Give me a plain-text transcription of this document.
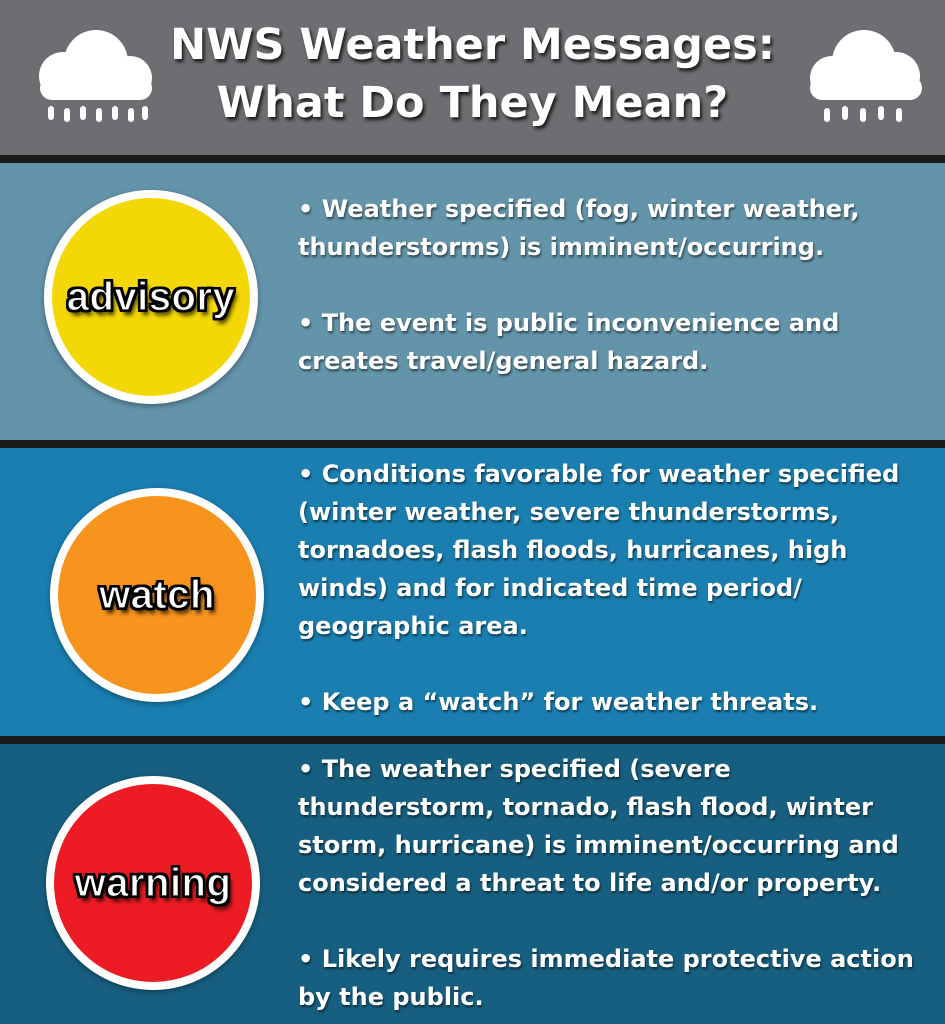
NWS Weather Messages:
What Do They Mean?
advisory

• Weather specified (fog, winter weather, thunderstorms) is imminent/occurring.

• The event is public inconvenience and creates travel/general hazard.

watch

• Conditions favorable for weather specified (winter weather, severe thunderstorms, tornadoes, flash floods, hurricanes, high winds) and for indicated time period/ geographic area.

• Keep a “watch” for weather threats.

warning

• The weather specified (severe thunderstorm, tornado, flash flood, winter storm, hurricane) is imminent/occurring and considered a threat to life and/or property.

• Likely requires immediate protective action by the public.
